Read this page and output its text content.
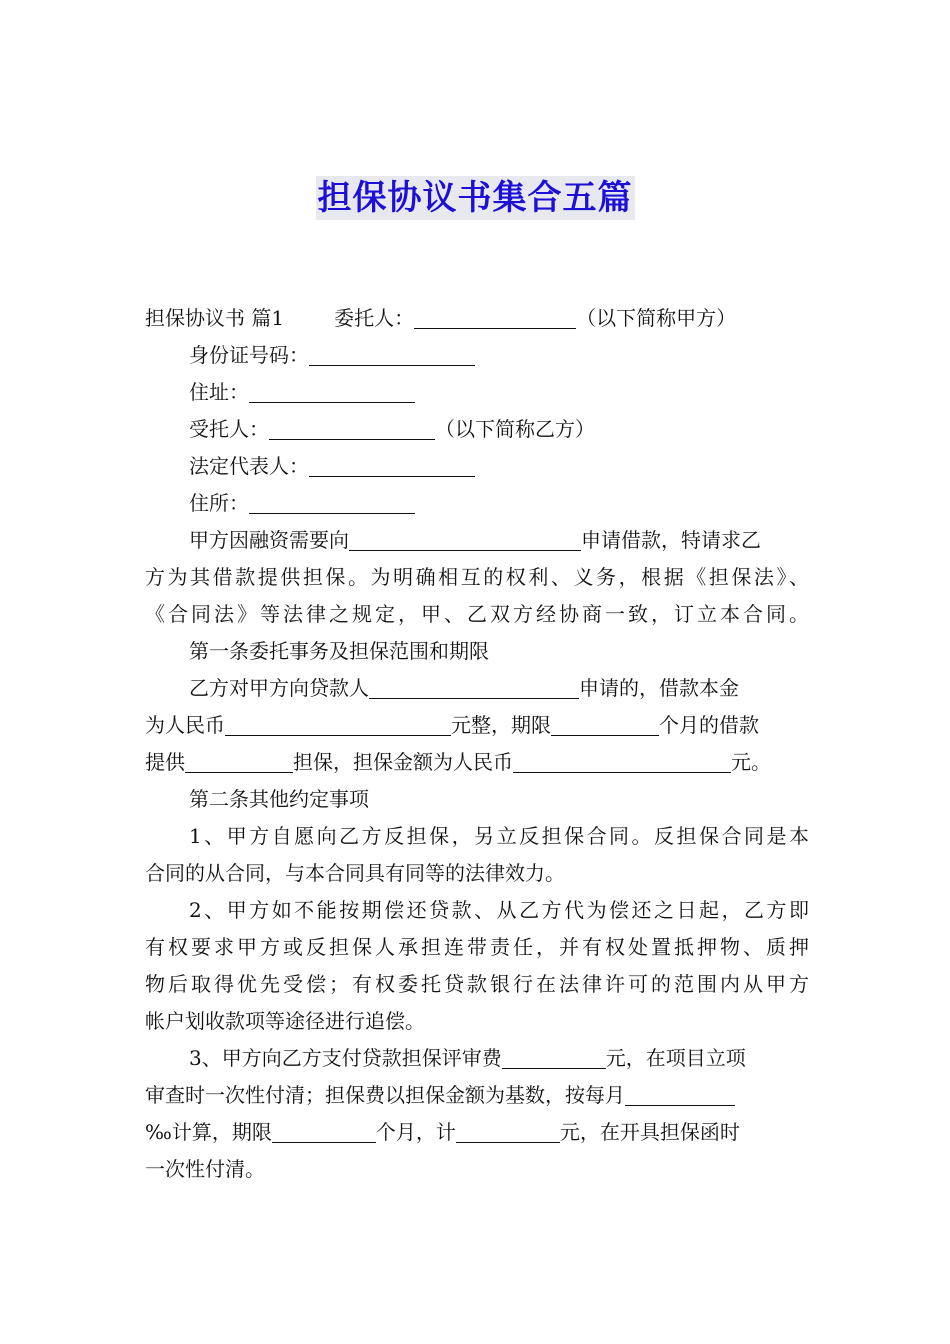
担保协议书集合五篇
担保协议书 篇1	委托人：	（以下简称甲方）
身份证号码：
住址：
受托人：	（以下简称乙方）
法定代表人：
住所：
甲方因融资需要向	申请借款，特请求乙
方为其借款提供担保。为明确相互的权利、义务，根据《担保法》、
《合同法》等法律之规定，甲、乙双方经协商一致，订立本合同。
第一条委托事务及担保范围和期限
乙方对甲方向贷款人	申请的，借款本金
为人民币	元整，期限	个月的借款
提供	担保，担保金额为人民币	元。
第二条其他约定事项
1、甲方自愿向乙方反担保，另立反担保合同。反担保合同是本
合同的从合同，与本合同具有同等的法律效力。
2、甲方如不能按期偿还贷款、从乙方代为偿还之日起，乙方即
有权要求甲方或反担保人承担连带责任，并有权处置抵押物、质押
物后取得优先受偿；有权委托贷款银行在法律许可的范围内从甲方
帐户划收款项等途径进行追偿。
3、甲方向乙方支付贷款担保评审费	元，在项目立项
审查时一次性付清；担保费以担保金额为基数，按每月
‰计算，期限	个月，计	元，在开具担保函时
一次性付清。
